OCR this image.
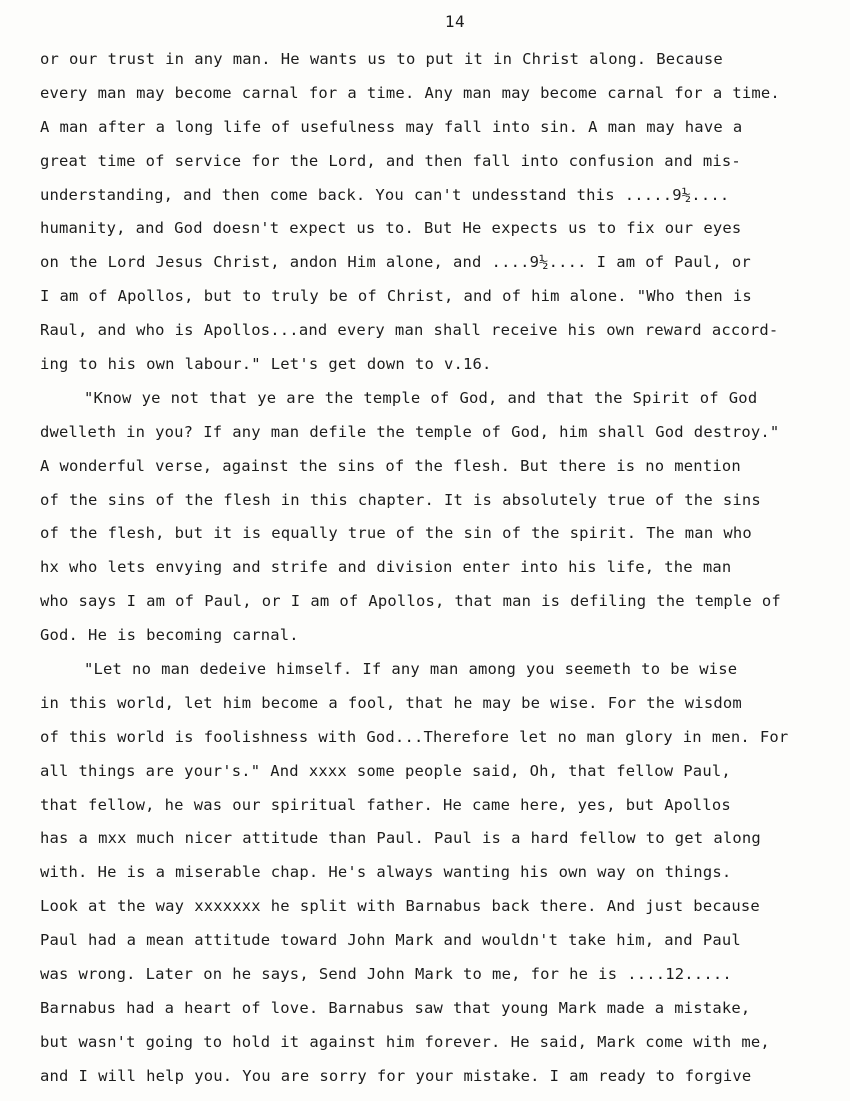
14
or our trust in any man. He wants us to put it in Christ along. Because
every man may become carnal for a time. Any man may become carnal for a time.
A man after a long life of usefulness may fall into sin. A man may have a
great time of service for the Lord, and then fall into confusion and mis-
understanding, and then come back. You can't undesstand this .....9½....
humanity, and God doesn't expect us to. But He expects us to fix our eyes
on the Lord Jesus Christ, andon Him alone, and ....9½.... I am of Paul, or
I am of Apollos, but to truly be of Christ, and of him alone. "Who then is
Raul, and who is Apollos...and every man shall receive his own reward accord-
ing to his own labour." Let's get down to v.16.
"Know ye not that ye are the temple of God, and that the Spirit of God
dwelleth in you? If any man defile the temple of God, him shall God destroy."
A wonderful verse, against the sins of the flesh. But there is no mention
of the sins of the flesh in this chapter. It is absolutely true of the sins
of the flesh, but it is equally true of the sin of the spirit. The man who
hx who lets envying and strife and division enter into his life, the man
who says I am of Paul, or I am of Apollos, that man is defiling the temple of
God. He is becoming carnal.
"Let no man dedeive himself. If any man among you seemeth to be wise
in this world, let him become a fool, that he may be wise. For the wisdom
of this world is foolishness with God...Therefore let no man glory in men. For
all things are your's." And xxxx some people said, Oh, that fellow Paul,
that fellow, he was our spiritual father. He came here, yes, but Apollos
has a mxx much nicer attitude than Paul. Paul is a hard fellow to get along
with. He is a miserable chap. He's always wanting his own way on things.
Look at the way xxxxxxx he split with Barnabus back there. And just because
Paul had a mean attitude toward John Mark and wouldn't take him, and Paul
was wrong. Later on he says, Send John Mark to me, for he is ....12.....
Barnabus had a heart of love. Barnabus saw that young Mark made a mistake,
but wasn't going to hold it against him forever. He said, Mark come with me,
and I will help you. You are sorry for your mistake. I am ready to forgive
